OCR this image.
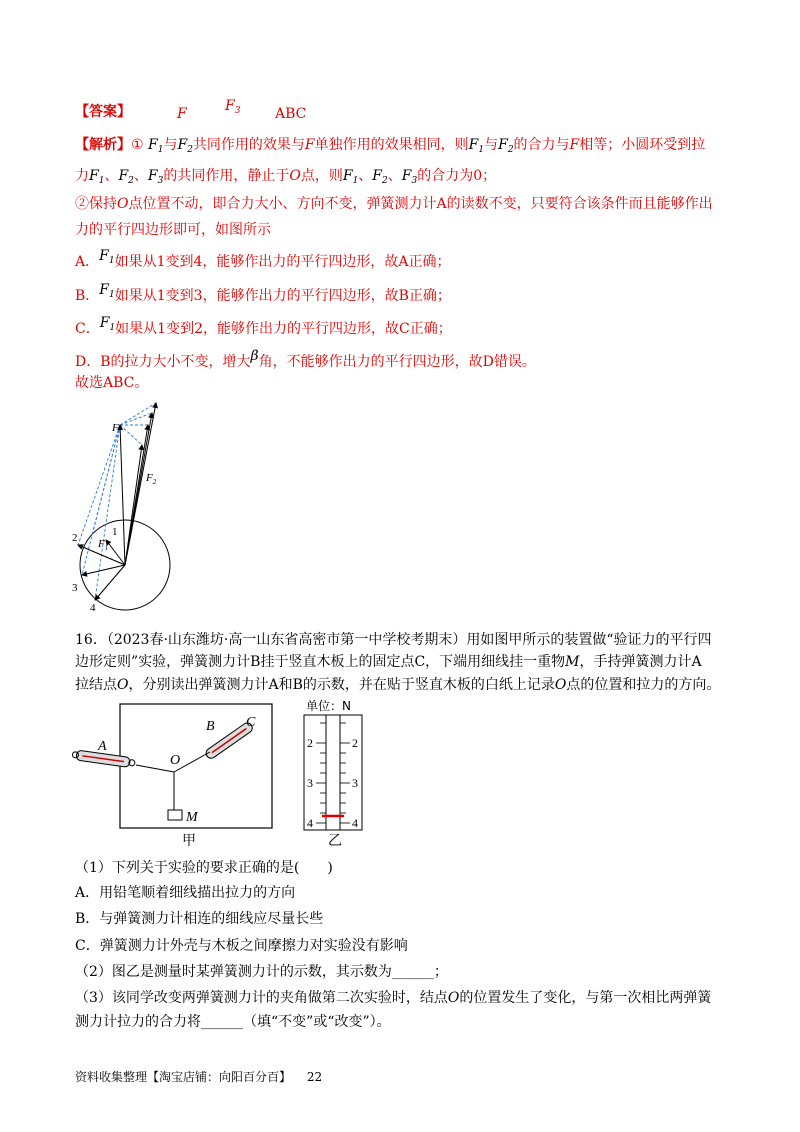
【答案】	F	$F_3$ ABC
【解析】① $F_1$与$F_2$共同作用的效果与F单独作用的效果相同，则$F_1$与$F_2$的合力与F相等；小圆环受到拉
力$F_1$、$F_2$、$F_3$的共同作用，静止于O点，则$F_1$、$F_2$、$F_3$的合力为0；
②保持O点位置不动，即合力大小、方向不变，弹簧测力计A的读数不变，只要符合该条件而且能够作出
力的平行四边形即可，如图所示
A．$F_1$如果从1变到4，能够作出力的平行四边形，故A正确；
B．$F_1$如果从1变到3，能够作出力的平行四边形，故B正确；
C．$F_1$如果从1变到2，能够作出力的平行四边形，故C正确；
D．B的拉力大小不变，增大β角，不能够作出力的平行四边形，故D错误。
故选ABC。
F
$F_2$
$F_1$
1
2
3
4
16．（2023春·山东潍坊·高一山东省高密市第一中学校考期末）用如图甲所示的装置做“验证力的平行四
边形定则”实验，弹簧测力计B挂于竖直木板上的固定点C，下端用细线挂一重物M，手持弹簧测力计A
拉结点O，分别读出弹簧测力计A和B的示数，并在贴于竖直木板的白纸上记录O点的位置和拉力的方向。
A
B C
O
M
甲
单位：N
2	2
3	3
4	4
乙
（1）下列关于实验的要求正确的是(　　)
A．用铅笔顺着细线描出拉力的方向
B．与弹簧测力计相连的细线应尽量长些
C．弹簧测力计外壳与木板之间摩擦力对实验没有影响
（2）图乙是测量时某弹簧测力计的示数，其示数为______；
（3）该同学改变两弹簧测力计的夹角做第二次实验时，结点O的位置发生了变化，与第一次相比两弹簧
测力计拉力的合力将______（填“不变”或“改变”）。
资料收集整理【淘宝店铺：向阳百分百】 22
